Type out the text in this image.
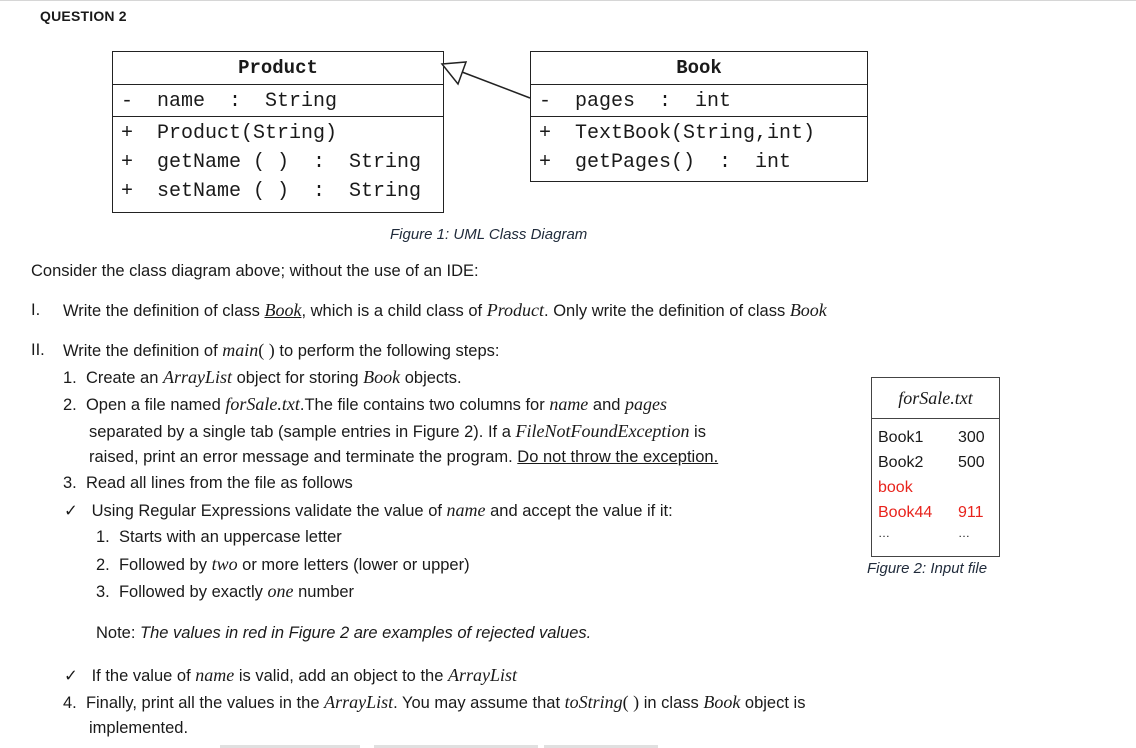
QUESTION 2
Product
-  name  :  String
+  Product(String)
+  getName ( )  :  String
+  setName ( )  :  String
Book
-  pages  :  int
+  TextBook(String,int)
+  getPages()  :  int
Figure 1: UML Class Diagram
Consider the class diagram above; without the use of an IDE:
I. Write the definition of class Book, which is a child class of Product. Only write the definition of class Book
II. Write the definition of main( ) to perform the following steps:
1. Create an ArrayList object for storing Book objects.
2. Open a file named forSale.txt.The file contains two columns for name and pages
separated by a single tab (sample entries in Figure 2). If a FileNotFoundException is
raised, print an error message and terminate the program. Do not throw the exception.
3. Read all lines from the file as follows
✓ Using Regular Expressions validate the value of name and accept the value if it:
1. Starts with an uppercase letter
2. Followed by two or more letters (lower or upper)
3. Followed by exactly one number
Note: The values in red in Figure 2 are examples of rejected values.
✓ If the value of name is valid, add an object to the ArrayList
4. Finally, print all the values in the ArrayList. You may assume that toString( ) in class Book object is
implemented.
forSale.txt
Book1 300
Book2 500
book
Book44 911
…	…
Figure 2: Input file
